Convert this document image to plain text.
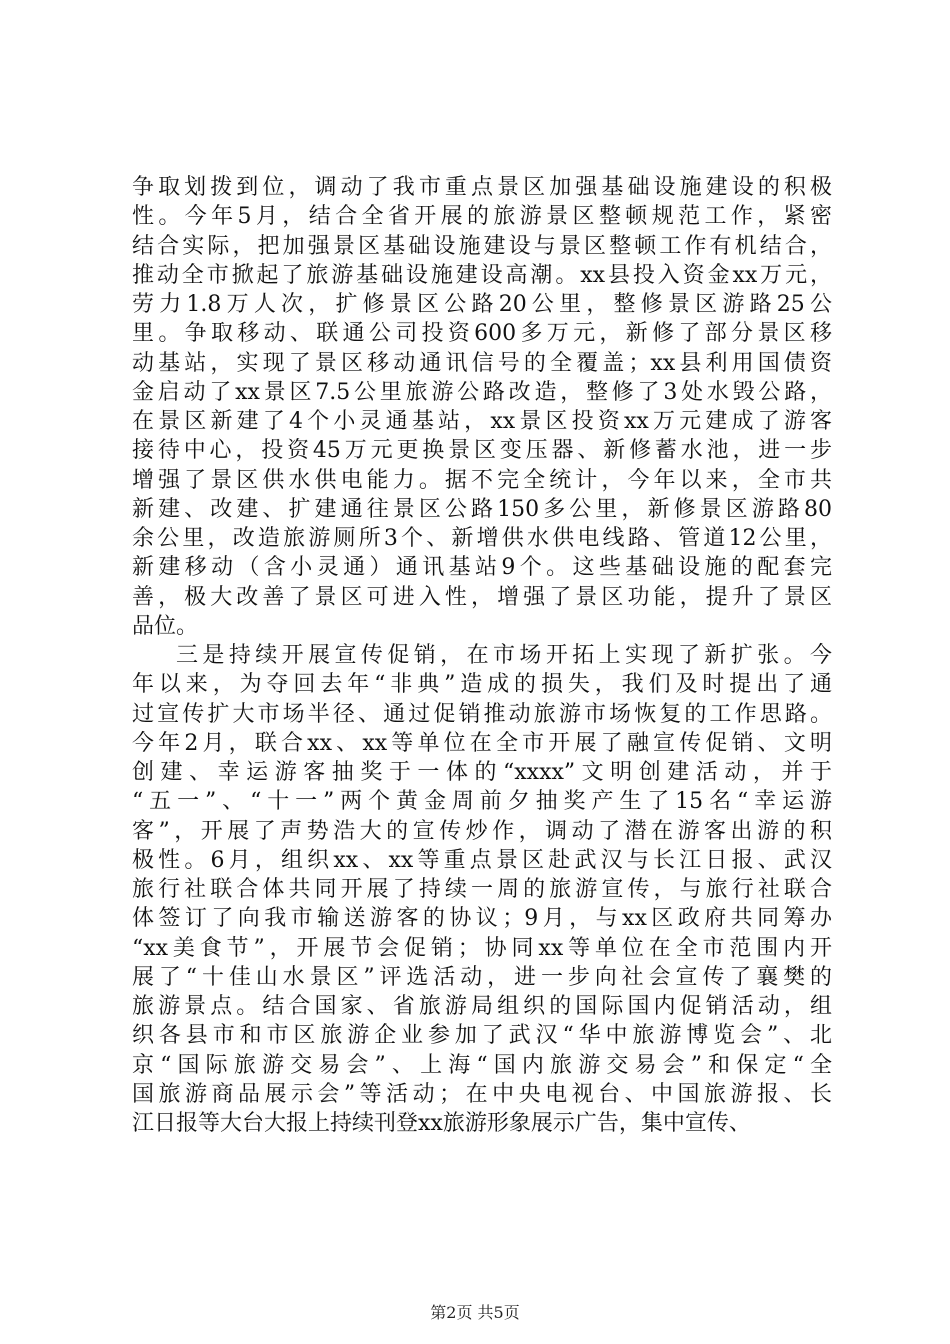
争取划拨到位，调动了我市重点景区加强基础设施建设的积极
性。今年5月，结合全省开展的旅游景区整顿规范工作，紧密
结合实际，把加强景区基础设施建设与景区整顿工作有机结合，
推动全市掀起了旅游基础设施建设高潮。xx县投入资金xx万元，
劳力1.8万人次，扩修景区公路20公里，整修景区游路25公
里。争取移动、联通公司投资600多万元，新修了部分景区移
动基站，实现了景区移动通讯信号的全覆盖；xx县利用国债资
金启动了xx景区7.5公里旅游公路改造，整修了3处水毁公路，
在景区新建了4个小灵通基站，xx景区投资xx万元建成了游客
接待中心，投资45万元更换景区变压器、新修蓄水池，进一步
增强了景区供水供电能力。据不完全统计，今年以来，全市共
新建、改建、扩建通往景区公路150多公里，新修景区游路80
余公里，改造旅游厕所3个、新增供水供电线路、管道12公里，
新建移动（含小灵通）通讯基站9个。这些基础设施的配套完
善，极大改善了景区可进入性，增强了景区功能，提升了景区
品位。
三是持续开展宣传促销，在市场开拓上实现了新扩张。今
年以来，为夺回去年“非典”造成的损失，我们及时提出了通
过宣传扩大市场半径、通过促销推动旅游市场恢复的工作思路。
今年2月，联合xx、xx等单位在全市开展了融宣传促销、文明
创建、幸运游客抽奖于一体的“xxxx”文明创建活动，并于
“五一”、“十一”两个黄金周前夕抽奖产生了15名“幸运游
客”，开展了声势浩大的宣传炒作，调动了潜在游客出游的积
极性。6月，组织xx、xx等重点景区赴武汉与长江日报、武汉
旅行社联合体共同开展了持续一周的旅游宣传，与旅行社联合
体签订了向我市输送游客的协议；9月，与xx区政府共同筹办
“xx美食节”，开展节会促销；协同xx等单位在全市范围内开
展了“十佳山水景区”评选活动，进一步向社会宣传了襄樊的
旅游景点。结合国家、省旅游局组织的国际国内促销活动，组
织各县市和市区旅游企业参加了武汉“华中旅游博览会”、北
京“国际旅游交易会”、上海“国内旅游交易会”和保定“全
国旅游商品展示会”等活动；在中央电视台、中国旅游报、长
江日报等大台大报上持续刊登xx旅游形象展示广告，集中宣传、
第2页 共5页
